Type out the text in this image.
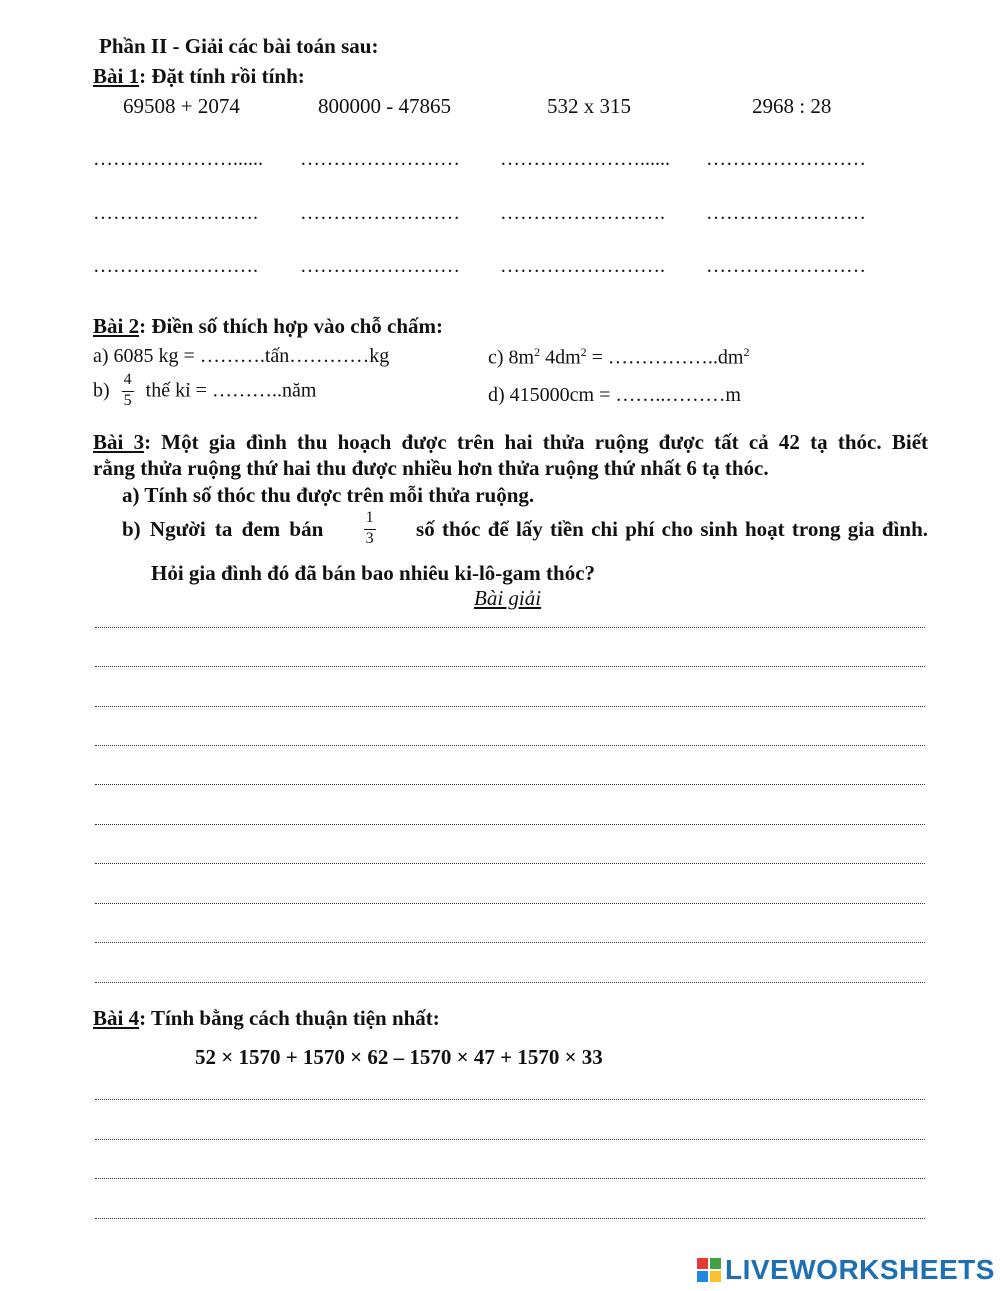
Phần II - Giải các bài toán sau:
Bài 1: Đặt tính rồi tính:
69508 + 2074	800000 - 47865	532 x 315	2968 : 28
…………………...... …………………… …………………...... ……………………
……………………. …………………… ……………………. ……………………
……………………. …………………… ……………………. ……………………
Bài 2: Điền số thích hợp vào chỗ chấm:
a) 6085 kg = ……….tấn…………kg	c) $8m^2$ $4dm^2$ = $\dots\dots\dots\dots\dots..dm^2$
$b) \frac{4}{5}$ thế kỉ = ………..năm	d) 415000cm = ……..………m
Bài 3: Một gia đình thu hoạch được trên hai thửa ruộng được tất cả 42 tạ thóc. Biết
rằng thửa ruộng thứ hai thu được nhiều hơn thửa ruộng thứ nhất 6 tạ thóc.
a) Tính số thóc thu được trên mỗi thửa ruộng.
b) Người ta đem bán $\frac{1}{3}$ số thóc để lấy tiền chi phí cho sinh hoạt trong gia đình.
Hỏi gia đình đó đã bán bao nhiêu ki-lô-gam thóc?
Bài giải
Bài 4: Tính bằng cách thuận tiện nhất:
52 × 1570 + 1570 × 62 – 1570 × 47 + 1570 × 33
LIVEWORKSHEETS
